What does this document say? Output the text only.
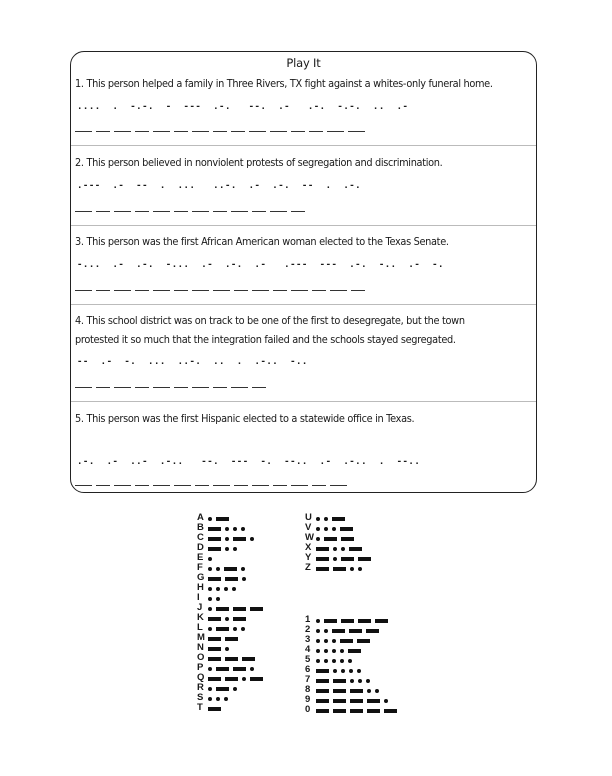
Play It
1. This person helped a family in Three Rivers, TX fight against a whites-only funeral home.
....  .  -.-.  -  ---  .-.   --.  .-   .-.  -.-.  ..  .-
2. This person believed in nonviolent protests of segregation and discrimination.
.---  .-  --  .  ...   ..-.  .-  .-.  --  .  .-.
3. This person was the first African American woman elected to the Texas Senate.
-...  .-  .-.  -...  .-  .-.  .-   .---  ---  .-.  -..  .-  -.
4. This school district was on track to be one of the first to desegregate, but the town protested it so much that the integration failed and the schools stayed segregated.
--  .-  -.  ...  ..-.  ..  .  .-..  -..
5. This person was the first Hispanic elected to a statewide office in Texas.
.-.  .-  ..-  .-..   --.  ---  -.  --..  .-  .-..  .  --..
A
B
C
D
E
F
G
H
I
J
K
L
M
N
O
P
Q
R
S
T
U
V
W
X
Y
Z
1
2
3
4
5
6
7
8
9
0
